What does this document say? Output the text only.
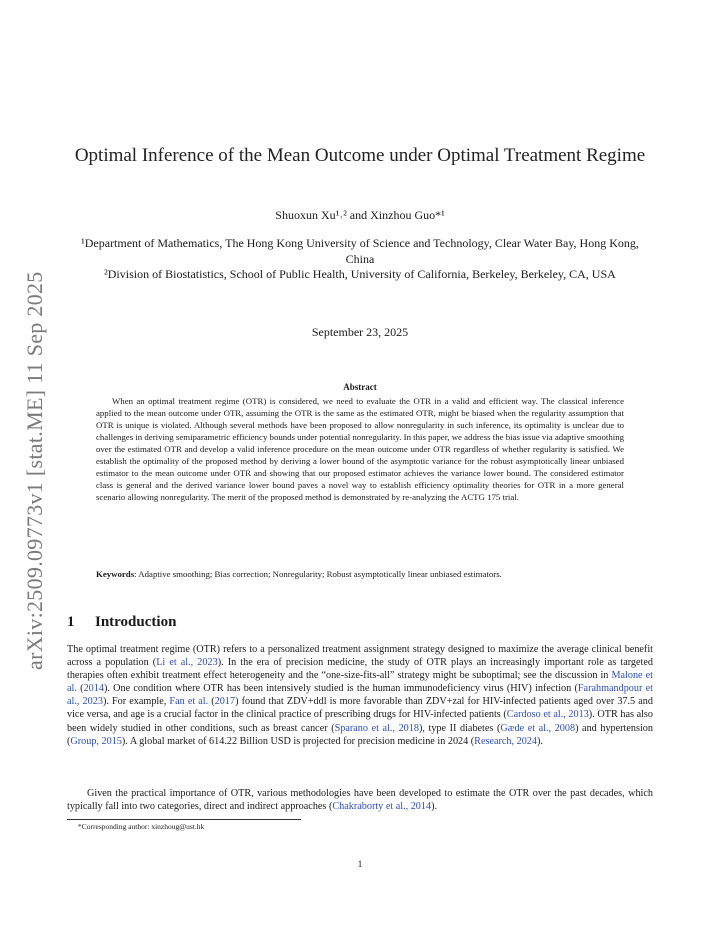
arXiv:2509.09773v1 [stat.ME] 11 Sep 2025
Optimal Inference of the Mean Outcome under Optimal Treatment Regime
Shuoxun Xu¹˒² and Xinzhou Guo*¹

¹Department of Mathematics, The Hong Kong University of Science and Technology, Clear Water Bay, Hong Kong, China

²Division of Biostatistics, School of Public Health, University of California, Berkeley, Berkeley, CA, USA

September 23, 2025
Abstract

When an optimal treatment regime (OTR) is considered, we need to evaluate the OTR in a valid and efficient way. The classical inference applied to the mean outcome under OTR, assuming the OTR is the same as the estimated OTR, might be biased when the regularity assumption that OTR is unique is violated. Although several methods have been proposed to allow nonregularity in such inference, its optimality is unclear due to challenges in deriving semiparametric efficiency bounds under potential nonregularity. In this paper, we address the bias issue via adaptive smoothing over the estimated OTR and develop a valid inference procedure on the mean outcome under OTR regardless of whether regularity is satisfied. We establish the optimality of the proposed method by deriving a lower bound of the asymptotic variance for the robust asymptotically linear unbiased estimator to the mean outcome under OTR and showing that our proposed estimator achieves the variance lower bound. The considered estimator class is general and the derived variance lower bound paves a novel way to establish efficiency optimality theories for OTR in a more general scenario allowing nonregularity. The merit of the proposed method is demonstrated by re-analyzing the ACTG 175 trial.

Keywords: Adaptive smoothing; Bias correction; Nonregularity; Robust asymptotically linear unbiased estimators.

1 Introduction

The optimal treatment regime (OTR) refers to a personalized treatment assignment strategy designed to maximize the average clinical benefit across a population (Li et al., 2023). In the era of precision medicine, the study of OTR plays an increasingly important role as targeted therapies often exhibit treatment effect heterogeneity and the “one-size-fits-all” strategy might be suboptimal; see the discussion in Malone et al. (2014). One condition where OTR has been intensively studied is the human immunodeficiency virus (HIV) infection (Farahmandpour et al., 2023). For example, Fan et al. (2017) found that ZDV+ddl is more favorable than ZDV+zal for HIV-infected patients aged over 37.5 and vice versa, and age is a crucial factor in the clinical practice of prescribing drugs for HIV-infected patients (Cardoso et al., 2013). OTR has also been widely studied in other conditions, such as breast cancer (Sparano et al., 2018), type II diabetes (Gæde et al., 2008) and hypertension (Group, 2015). A global market of 614.22 Billion USD is projected for precision medicine in 2024 (Research, 2024).

Given the practical importance of OTR, various methodologies have been developed to estimate the OTR over the past decades, which typically fall into two categories, direct and indirect approaches (Chakraborty et al., 2014).

*Corresponding author: xinzhoug@ust.hk
1
